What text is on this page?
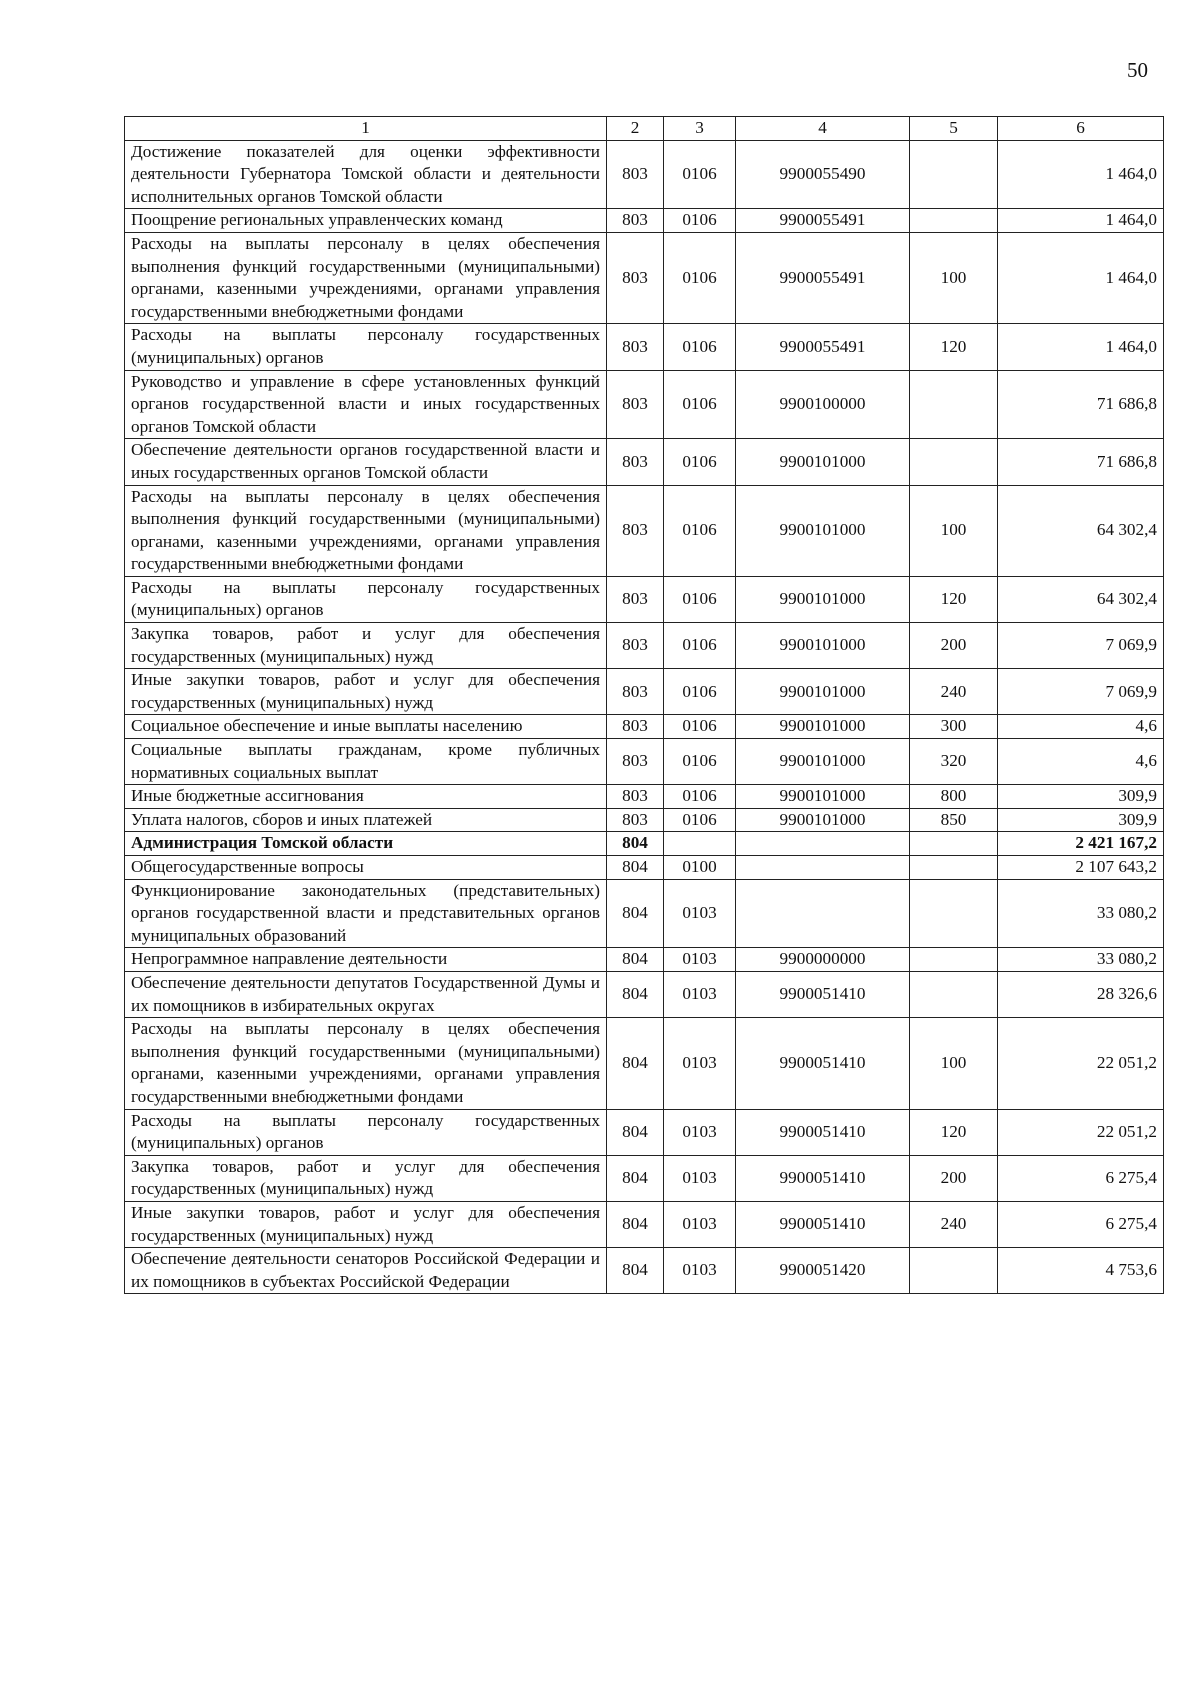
50
1	2	3	4	5	6
Достижение показателей для оценки эффективности деятельности Губернатора Томской области и деятельности исполнительных органов Томской области	803	0106	9900055490		1 464,0
Поощрение региональных управленческих команд	803	0106	9900055491		1 464,0
Расходы на выплаты персоналу в целях обеспечения выполнения функций государственными (муниципальными) органами, казенными учреждениями, органами управления государственными внебюджетными фондами	803	0106	9900055491	100	1 464,0
Расходы на выплаты персоналу государственных (муниципальных) органов	803	0106	9900055491	120	1 464,0
Руководство и управление в сфере установленных функций органов государственной власти и иных государственных органов Томской области	803	0106	9900100000		71 686,8
Обеспечение деятельности органов государственной власти и иных государственных органов Томской области	803	0106	9900101000		71 686,8
Расходы на выплаты персоналу в целях обеспечения выполнения функций государственными (муниципальными) органами, казенными учреждениями, органами управления государственными внебюджетными фондами	803	0106	9900101000	100	64 302,4
Расходы на выплаты персоналу государственных (муниципальных) органов	803	0106	9900101000	120	64 302,4
Закупка товаров, работ и услуг для обеспечения государственных (муниципальных) нужд	803	0106	9900101000	200	7 069,9
Иные закупки товаров, работ и услуг для обеспечения государственных (муниципальных) нужд	803	0106	9900101000	240	7 069,9
Социальное обеспечение и иные выплаты населению	803	0106	9900101000	300	4,6
Социальные выплаты гражданам, кроме публичных нормативных социальных выплат	803	0106	9900101000	320	4,6
Иные бюджетные ассигнования	803	0106	9900101000	800	309,9
Уплата налогов, сборов и иных платежей	803	0106	9900101000	850	309,9
Администрация Томской области	804				2 421 167,2
Общегосударственные вопросы	804	0100			2 107 643,2
Функционирование законодательных (представительных) органов государственной власти и представительных органов муниципальных образований	804	0103			33 080,2
Непрограммное направление деятельности	804	0103	9900000000		33 080,2
Обеспечение деятельности депутатов Государственной Думы и их помощников в избирательных округах	804	0103	9900051410		28 326,6
Расходы на выплаты персоналу в целях обеспечения выполнения функций государственными (муниципальными) органами, казенными учреждениями, органами управления государственными внебюджетными фондами	804	0103	9900051410	100	22 051,2
Расходы на выплаты персоналу государственных (муниципальных) органов	804	0103	9900051410	120	22 051,2
Закупка товаров, работ и услуг для обеспечения государственных (муниципальных) нужд	804	0103	9900051410	200	6 275,4
Иные закупки товаров, работ и услуг для обеспечения государственных (муниципальных) нужд	804	0103	9900051410	240	6 275,4
Обеспечение деятельности сенаторов Российской Федерации и их помощников в субъектах Российской Федерации	804	0103	9900051420		4 753,6
